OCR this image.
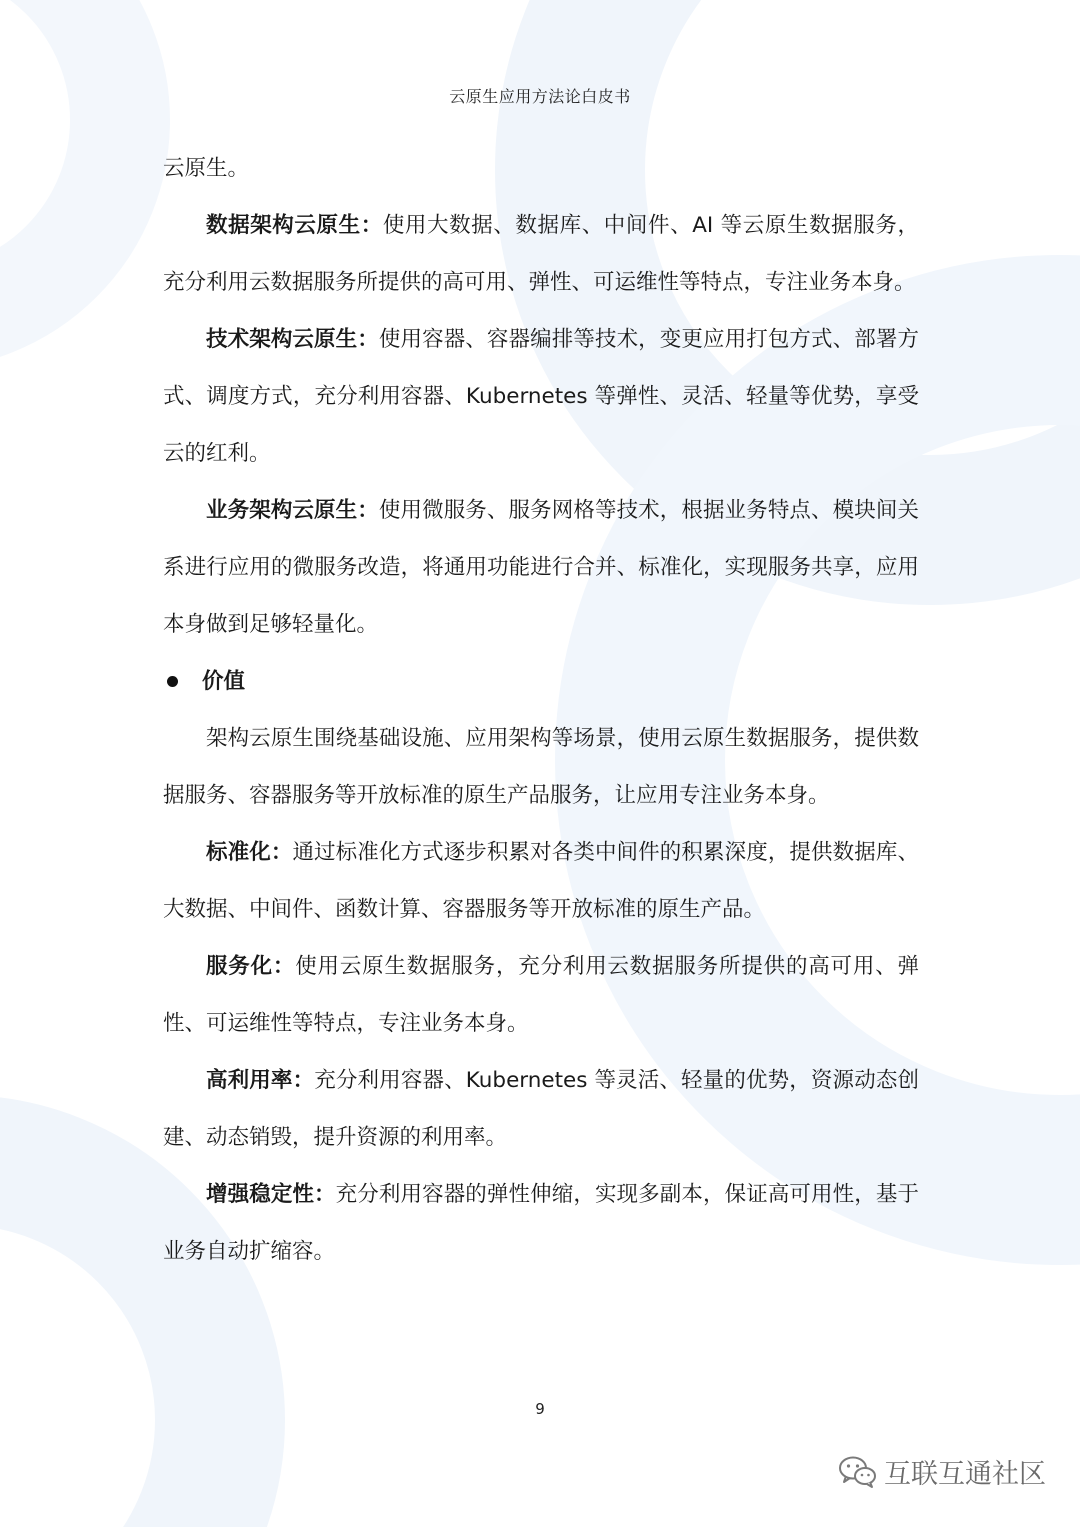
云原生应用方法论白皮书

云原生。

数据架构云原生：使用大数据、数据库、中间件、AI 等云原生数据服务，充分利用云数据服务所提供的高可用、弹性、可运维性等特点，专注业务本身。

技术架构云原生：使用容器、容器编排等技术，变更应用打包方式、部署方式、调度方式，充分利用容器、Kubernetes 等弹性、灵活、轻量等优势，享受云的红利。

业务架构云原生：使用微服务、服务网格等技术，根据业务特点、模块间关系进行应用的微服务改造，将通用功能进行合并、标准化，实现服务共享，应用本身做到足够轻量化。

价值

架构云原生围绕基础设施、应用架构等场景，使用云原生数据服务，提供数据服务、容器服务等开放标准的原生产品服务，让应用专注业务本身。

标准化：通过标准化方式逐步积累对各类中间件的积累深度，提供数据库、大数据、中间件、函数计算、容器服务等开放标准的原生产品。

服务化：使用云原生数据服务，充分利用云数据服务所提供的高可用、弹性、可运维性等特点，专注业务本身。

高利用率：充分利用容器、Kubernetes 等灵活、轻量的优势，资源动态创建、动态销毁，提升资源的利用率。

增强稳定性：充分利用容器的弹性伸缩，实现多副本，保证高可用性，基于业务自动扩缩容。

9
互联互通社区
